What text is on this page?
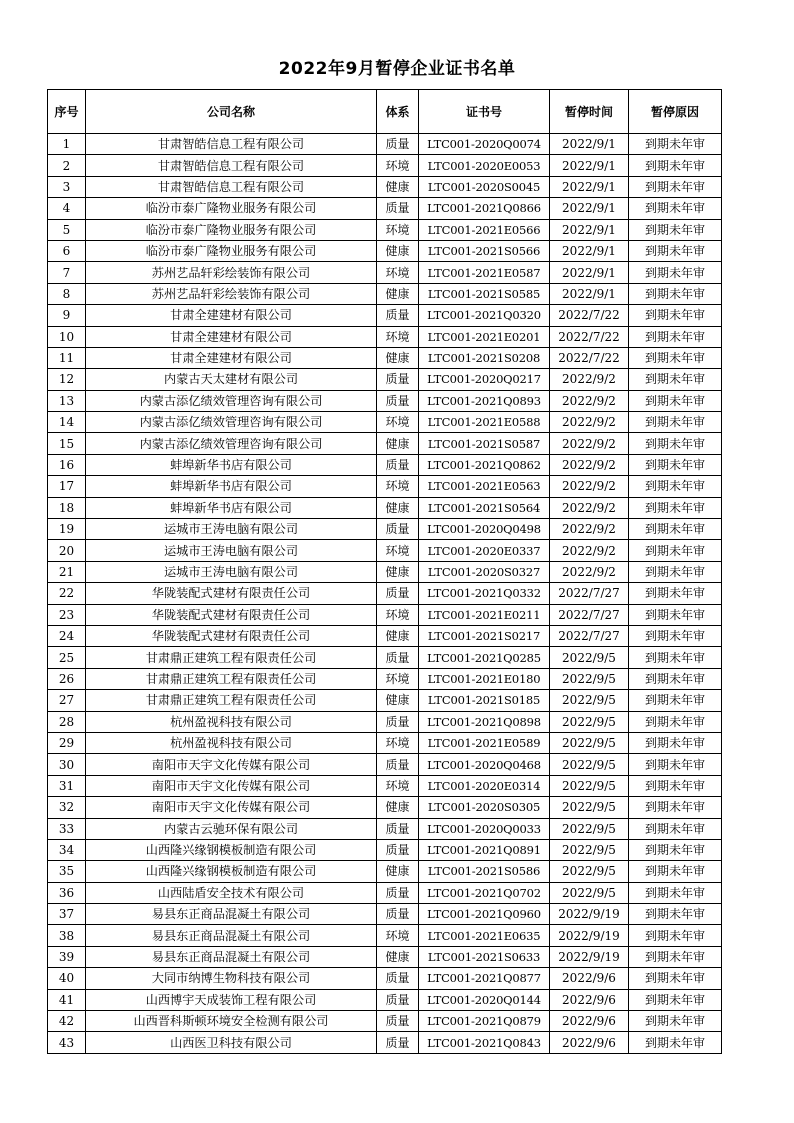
2022年9月暂停企业证书名单
序号	公司名称	体系	证书号	暂停时间	暂停原因
1	甘肃智皓信息工程有限公司	质量	LTC001-2020Q0074	2022/9/1	到期未年审
2	甘肃智皓信息工程有限公司	环境	LTC001-2020E0053	2022/9/1	到期未年审
3	甘肃智皓信息工程有限公司	健康	LTC001-2020S0045	2022/9/1	到期未年审
4	临汾市泰广隆物业服务有限公司	质量	LTC001-2021Q0866	2022/9/1	到期未年审
5	临汾市泰广隆物业服务有限公司	环境	LTC001-2021E0566	2022/9/1	到期未年审
6	临汾市泰广隆物业服务有限公司	健康	LTC001-2021S0566	2022/9/1	到期未年审
7	苏州艺品轩彩绘装饰有限公司	环境	LTC001-2021E0587	2022/9/1	到期未年审
8	苏州艺品轩彩绘装饰有限公司	健康	LTC001-2021S0585	2022/9/1	到期未年审
9	甘肃全建建材有限公司	质量	LTC001-2021Q0320	2022/7/22	到期未年审
10	甘肃全建建材有限公司	环境	LTC001-2021E0201	2022/7/22	到期未年审
11	甘肃全建建材有限公司	健康	LTC001-2021S0208	2022/7/22	到期未年审
12	内蒙古天太建材有限公司	质量	LTC001-2020Q0217	2022/9/2	到期未年审
13	内蒙古添亿绩效管理咨询有限公司	质量	LTC001-2021Q0893	2022/9/2	到期未年审
14	内蒙古添亿绩效管理咨询有限公司	环境	LTC001-2021E0588	2022/9/2	到期未年审
15	内蒙古添亿绩效管理咨询有限公司	健康	LTC001-2021S0587	2022/9/2	到期未年审
16	蚌埠新华书店有限公司	质量	LTC001-2021Q0862	2022/9/2	到期未年审
17	蚌埠新华书店有限公司	环境	LTC001-2021E0563	2022/9/2	到期未年审
18	蚌埠新华书店有限公司	健康	LTC001-2021S0564	2022/9/2	到期未年审
19	运城市王涛电脑有限公司	质量	LTC001-2020Q0498	2022/9/2	到期未年审
20	运城市王涛电脑有限公司	环境	LTC001-2020E0337	2022/9/2	到期未年审
21	运城市王涛电脑有限公司	健康	LTC001-2020S0327	2022/9/2	到期未年审
22	华陇装配式建材有限责任公司	质量	LTC001-2021Q0332	2022/7/27	到期未年审
23	华陇装配式建材有限责任公司	环境	LTC001-2021E0211	2022/7/27	到期未年审
24	华陇装配式建材有限责任公司	健康	LTC001-2021S0217	2022/7/27	到期未年审
25	甘肃鼎正建筑工程有限责任公司	质量	LTC001-2021Q0285	2022/9/5	到期未年审
26	甘肃鼎正建筑工程有限责任公司	环境	LTC001-2021E0180	2022/9/5	到期未年审
27	甘肃鼎正建筑工程有限责任公司	健康	LTC001-2021S0185	2022/9/5	到期未年审
28	杭州盈视科技有限公司	质量	LTC001-2021Q0898	2022/9/5	到期未年审
29	杭州盈视科技有限公司	环境	LTC001-2021E0589	2022/9/5	到期未年审
30	南阳市天宇文化传媒有限公司	质量	LTC001-2020Q0468	2022/9/5	到期未年审
31	南阳市天宇文化传媒有限公司	环境	LTC001-2020E0314	2022/9/5	到期未年审
32	南阳市天宇文化传媒有限公司	健康	LTC001-2020S0305	2022/9/5	到期未年审
33	内蒙古云驰环保有限公司	质量	LTC001-2020Q0033	2022/9/5	到期未年审
34	山西隆兴缘钢模板制造有限公司	质量	LTC001-2021Q0891	2022/9/5	到期未年审
35	山西隆兴缘钢模板制造有限公司	健康	LTC001-2021S0586	2022/9/5	到期未年审
36	山西陆盾安全技术有限公司	质量	LTC001-2021Q0702	2022/9/5	到期未年审
37	易县东正商品混凝土有限公司	质量	LTC001-2021Q0960	2022/9/19	到期未年审
38	易县东正商品混凝土有限公司	环境	LTC001-2021E0635	2022/9/19	到期未年审
39	易县东正商品混凝土有限公司	健康	LTC001-2021S0633	2022/9/19	到期未年审
40	大同市纳博生物科技有限公司	质量	LTC001-2021Q0877	2022/9/6	到期未年审
41	山西博宇天成装饰工程有限公司	质量	LTC001-2020Q0144	2022/9/6	到期未年审
42	山西晋科斯顿环境安全检测有限公司	质量	LTC001-2021Q0879	2022/9/6	到期未年审
43	山西医卫科技有限公司	质量	LTC001-2021Q0843	2022/9/6	到期未年审
